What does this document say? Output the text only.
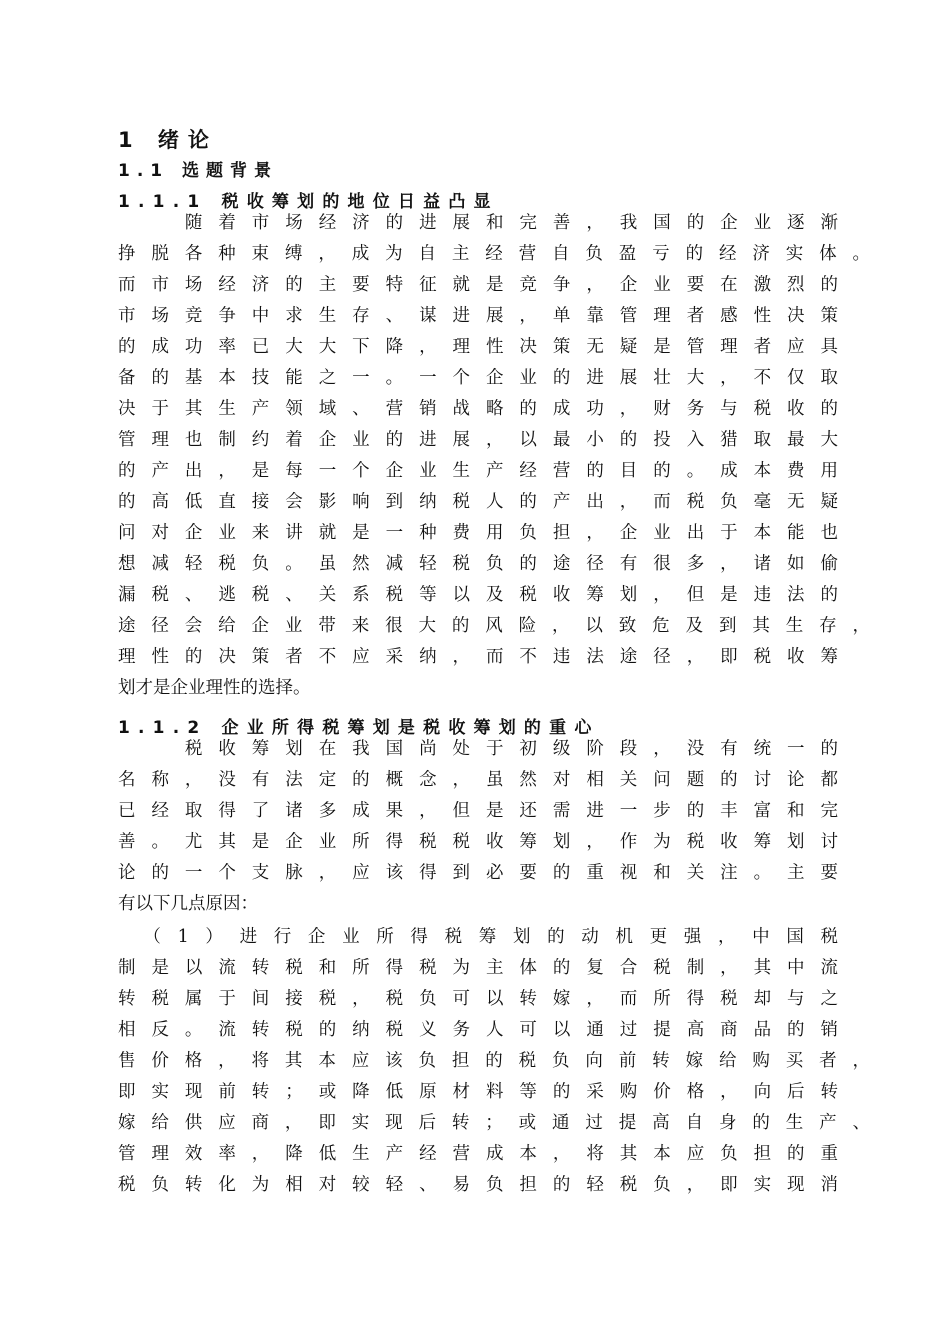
1 绪论
1.1 选题背景
1.1.1 税收筹划的地位日益凸显
　　随着市场经济的进展和完善，我国的企业逐渐
挣脱各种束缚，成为自主经营自负盈亏的经济实体。
而市场经济的主要特征就是竞争，企业要在激烈的
市场竞争中求生存、谋进展，单靠管理者感性决策
的成功率已大大下降，理性决策无疑是管理者应具
备的基本技能之一。一个企业的进展壮大，不仅取
决于其生产领域、营销战略的成功，财务与税收的
管理也制约着企业的进展，以最小的投入猎取最大
的产出，是每一个企业生产经营的目的。成本费用
的高低直接会影响到纳税人的产出，而税负毫无疑
问对企业来讲就是一种费用负担，企业出于本能也
想减轻税负。虽然减轻税负的途径有很多，诸如偷
漏税、逃税、关系税等以及税收筹划，但是违法的
途径会给企业带来很大的风险，以致危及到其生存，
理性的决策者不应采纳，而不违法途径，即税收筹
划才是企业理性的选择。
1.1.2 企业所得税筹划是税收筹划的重心
　　税收筹划在我国尚处于初级阶段，没有统一的
名称，没有法定的概念，虽然对相关问题的讨论都
已经取得了诸多成果，但是还需进一步的丰富和完
善。尤其是企业所得税税收筹划，作为税收筹划讨
论的一个支脉，应该得到必要的重视和关注。主要
有以下几点原因：
　（1）进行企业所得税筹划的动机更强，中国税
制是以流转税和所得税为主体的复合税制，其中流
转税属于间接税，税负可以转嫁，而所得税却与之
相反。流转税的纳税义务人可以通过提高商品的销
售价格，将其本应该负担的税负向前转嫁给购买者，
即实现前转；或降低原材料等的采购价格，向后转
嫁给供应商，即实现后转；或通过提高自身的生产、
管理效率，降低生产经营成本，将其本应负担的重
税负转化为相对较轻、易负担的轻税负，即实现消
